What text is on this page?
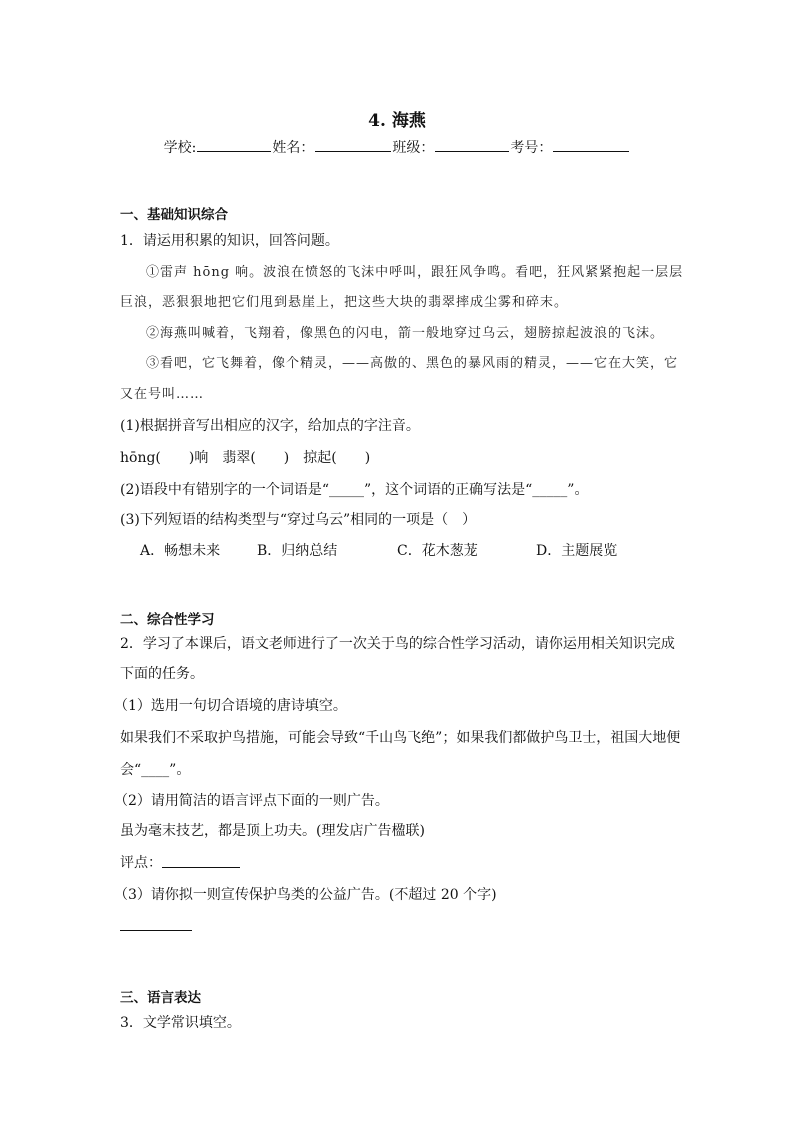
4. 海燕
学校:	姓名：	班级：	考号：
一、基础知识综合
1．请运用积累的知识，回答问题。
①雷声 hōng 响。波浪在愤怒的飞沫中呼叫，跟狂风争鸣。看吧，狂风紧紧抱起一层层
巨浪，恶狠狠地把它们甩到悬崖上，把这些大块的翡翠摔成尘雾和碎末。
②海燕叫喊着，飞翔着，像黑色的闪电，箭一般地穿过乌云，翅膀掠起波浪的飞沫。
③看吧，它飞舞着，像个精灵，——高傲的、黑色的暴风雨的精灵，——它在大笑，它
又在号叫……
(1)根据拼音写出相应的汉字，给加点的字注音。
hōng(　　)响　翡翠(　　)　掠起(　　)
(2)语段中有错别字的一个词语是“_____”，这个词语的正确写法是“_____”。
(3)下列短语的结构类型与“穿过乌云”相同的一项是（　）
A．畅想未来	B．归纳总结	C．花木葱茏	D．主题展览
二、综合性学习
2．学习了本课后，语文老师进行了一次关于鸟的综合性学习活动，请你运用相关知识完成
下面的任务。
（1）选用一句切合语境的唐诗填空。
如果我们不采取护鸟措施，可能会导致“千山鸟飞绝”；如果我们都做护鸟卫士，祖国大地便
会“____”。
（2）请用简洁的语言评点下面的一则广告。
虽为毫末技艺，都是顶上功夫。(理发店广告楹联)
评点：
（3）请你拟一则宣传保护鸟类的公益广告。(不超过 20 个字)
三、语言表达
3．文学常识填空。
